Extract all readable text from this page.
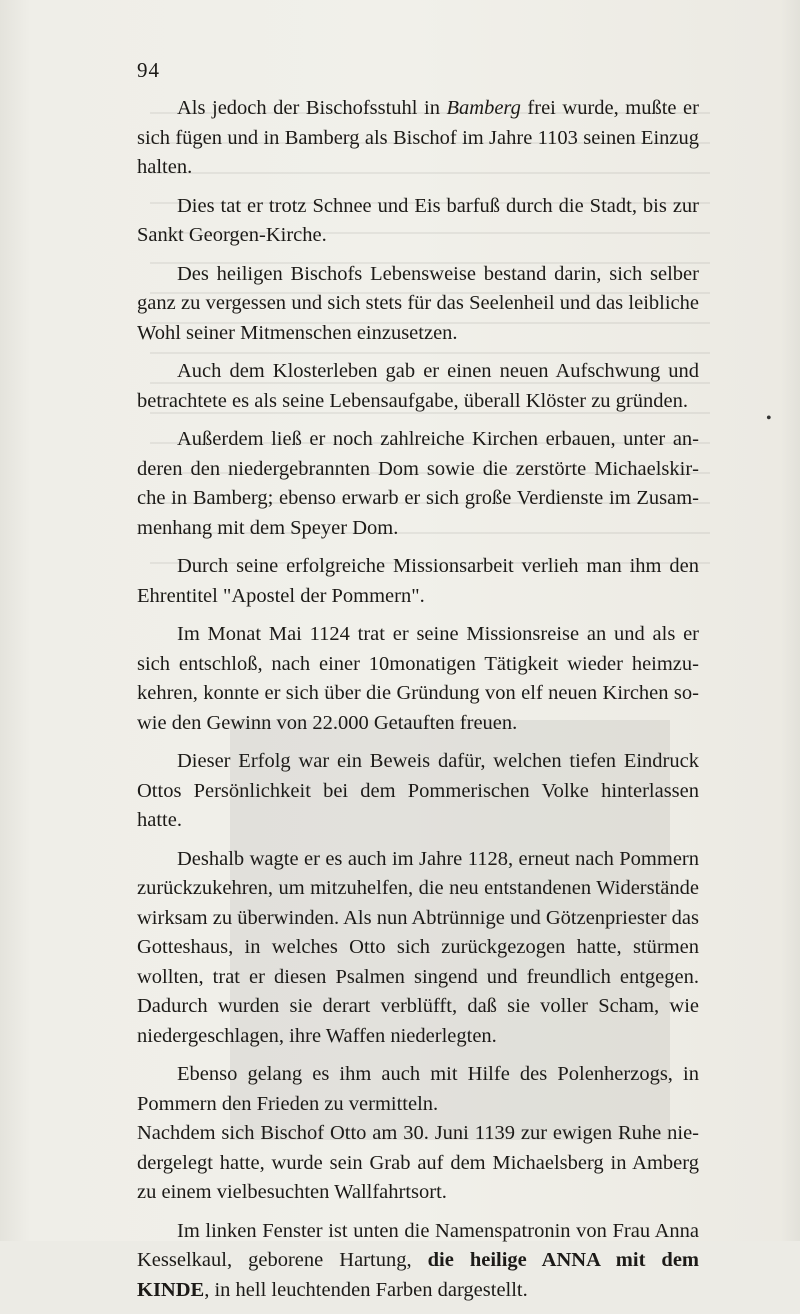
94

Als jedoch der Bischofsstuhl in Bamberg frei wurde, mußte er sich fügen und in Bamberg als Bischof im Jahre 1103 seinen Einzug halten.

Dies tat er trotz Schnee und Eis barfuß durch die Stadt, bis zur Sankt Georgen-Kirche.

Des heiligen Bischofs Lebensweise bestand darin, sich selber ganz zu vergessen und sich stets für das Seelenheil und das leibliche Wohl seiner Mitmenschen einzusetzen.

Auch dem Klosterleben gab er einen neuen Aufschwung und betrachtete es als seine Lebensaufgabe, überall Klöster zu gründen.

Außerdem ließ er noch zahlreiche Kirchen erbauen, unter anderen den niedergebrannten Dom sowie die zerstörte Michaelskirche in Bamberg; ebenso erwarb er sich große Verdienste im Zusammenhang mit dem Speyer Dom.

Durch seine erfolgreiche Missionsarbeit verlieh man ihm den Ehrentitel "Apostel der Pommern".

Im Monat Mai 1124 trat er seine Missionsreise an und als er sich entschloß, nach einer 10monatigen Tätigkeit wieder heimzukehren, konnte er sich über die Gründung von elf neuen Kirchen sowie den Gewinn von 22.000 Getauften freuen.

Dieser Erfolg war ein Beweis dafür, welchen tiefen Eindruck Ottos Persönlichkeit bei dem Pommerischen Volke hinterlassen hatte.

Deshalb wagte er es auch im Jahre 1128, erneut nach Pommern zurückzukehren, um mitzuhelfen, die neu entstandenen Widerstände wirksam zu überwinden. Als nun Abtrünnige und Götzenpriester das Gotteshaus, in welches Otto sich zurückgezogen hatte, stürmen wollten, trat er diesen Psalmen singend und freundlich entgegen. Dadurch wurden sie derart verblüfft, daß sie voller Scham, wie niedergeschlagen, ihre Waffen niederlegten.

Ebenso gelang es ihm auch mit Hilfe des Polenherzogs, in Pommern den Frieden zu vermitteln.

Nachdem sich Bischof Otto am 30. Juni 1139 zur ewigen Ruhe niedergelegt hatte, wurde sein Grab auf dem Michaelsberg in Amberg zu einem vielbesuchten Wallfahrtsort.

Im linken Fenster ist unten die Namenspatronin von Frau Anna Kesselkaul, geborene Hartung, die heilige ANNA mit dem KINDE, in hell leuchtenden Farben dargestellt.

•
